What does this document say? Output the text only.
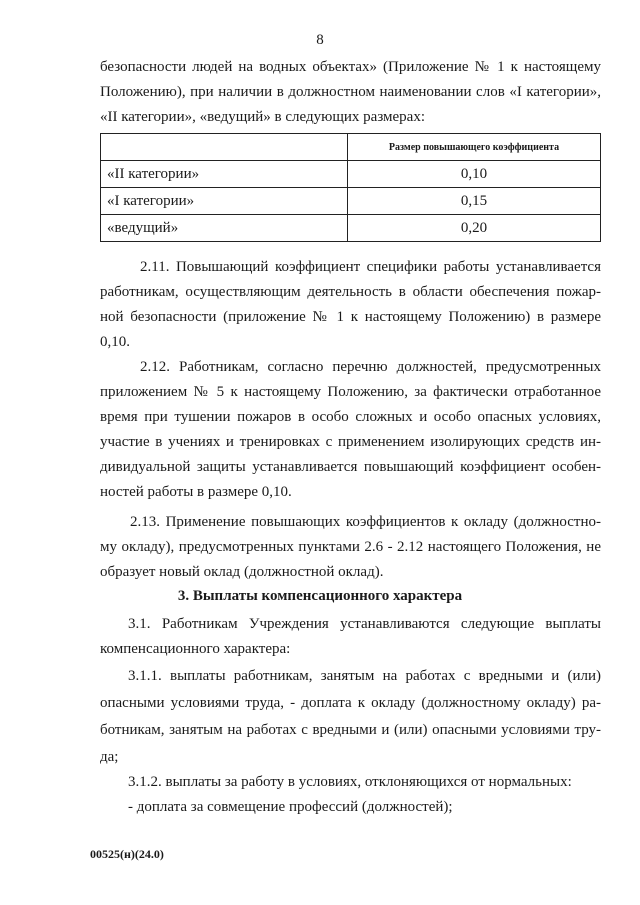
8
безопасности людей на водных объектах» (Приложение № 1 к настоящему
Положению), при наличии в должностном наименовании слов «I категории»,
«II категории», «ведущий» в следующих размерах:
	Размер повышающего коэффициента
«II категории»	0,10
«I категории»	0,15
«ведущий»	0,20
2.11. Повышающий коэффициент специфики работы устанавливается
работникам, осуществляющим деятельность в области обеспечения пожар-
ной безопасности (приложение № 1 к настоящему Положению) в размере
0,10.
2.12. Работникам, согласно перечню должностей, предусмотренных
приложением № 5 к настоящему Положению, за фактически отработанное
время при тушении пожаров в особо сложных и особо опасных условиях,
участие в учениях и тренировках с применением изолирующих средств ин-
дивидуальной защиты устанавливается повышающий коэффициент особен-
ностей работы в размере 0,10.
2.13. Применение повышающих коэффициентов к окладу (должностно-
му окладу), предусмотренных пунктами 2.6 - 2.12 настоящего Положения, не
образует новый оклад (должностной оклад).
3. Выплаты компенсационного характера
3.1. Работникам Учреждения устанавливаются следующие выплаты
компенсационного характера:
3.1.1. выплаты работникам, занятым на работах с вредными и (или)
опасными условиями труда, - доплата к окладу (должностному окладу) ра-
ботникам, занятым на работах с вредными и (или) опасными условиями тру-
да;
3.1.2. выплаты за работу в условиях, отклоняющихся от нормальных:
- доплата за совмещение профессий (должностей);
00525(н)(24.0)
